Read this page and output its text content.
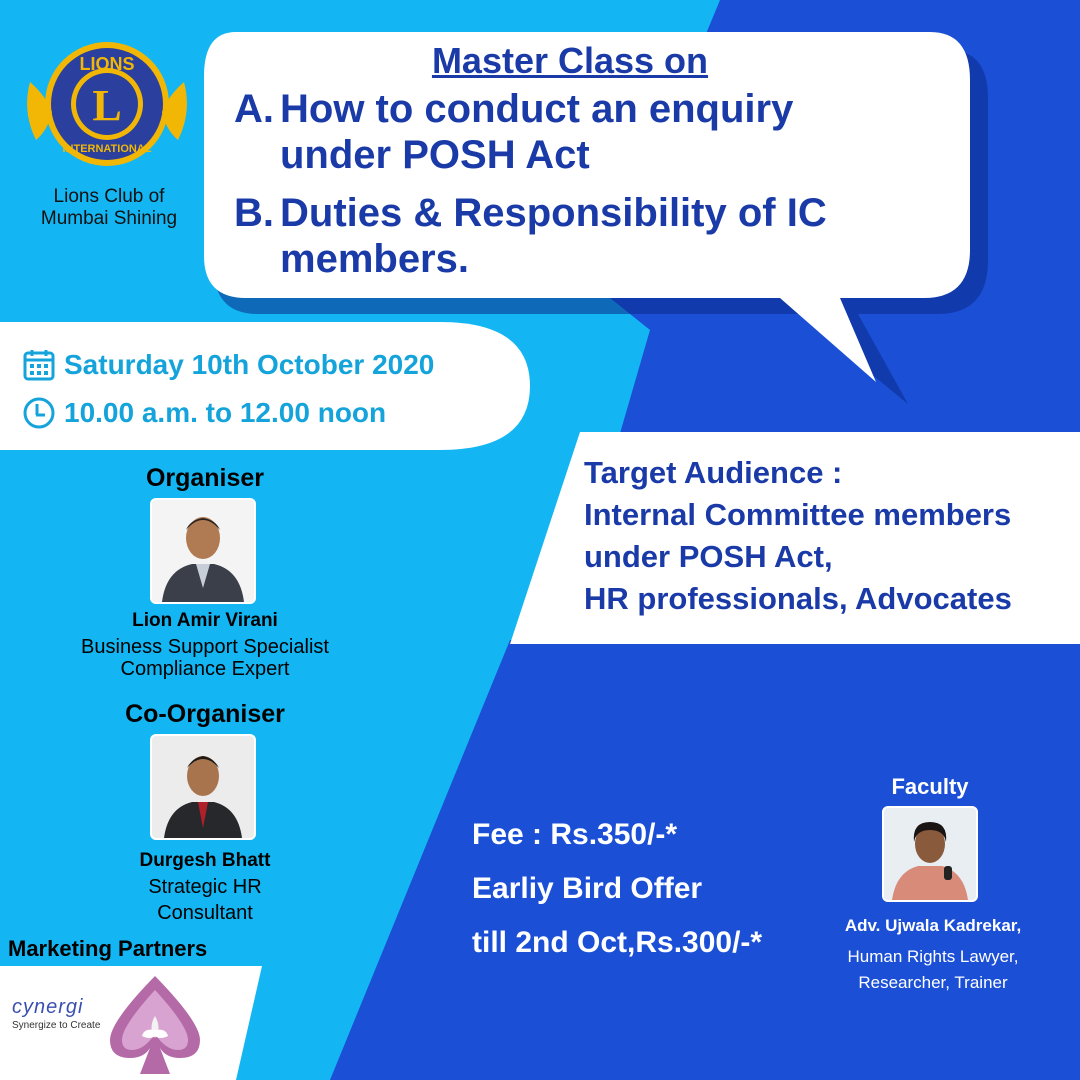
LIONS
INTERNATIONAL
L
Lions Club of
Mumbai Shining
Master Class on
A. How to conduct an enquiry
under POSH Act
B. Duties & Responsibility of IC
members.
Saturday 10th October 2020
10.00 a.m. to 12.00 noon
Target Audience :
Internal Committee members
under POSH Act,
HR professionals, Advocates
Organiser
Lion Amir Virani
Business Support Specialist
Compliance Expert
Co-Organiser
Durgesh Bhatt
Strategic HR
Consultant
Fee : Rs.350/-*
Earliy Bird Offer
till 2nd Oct,Rs.300/-*
Faculty
Adv. Ujwala Kadrekar,
Human Rights Lawyer,
Researcher, Trainer
Marketing Partners
cynergi
Synergize to Create
